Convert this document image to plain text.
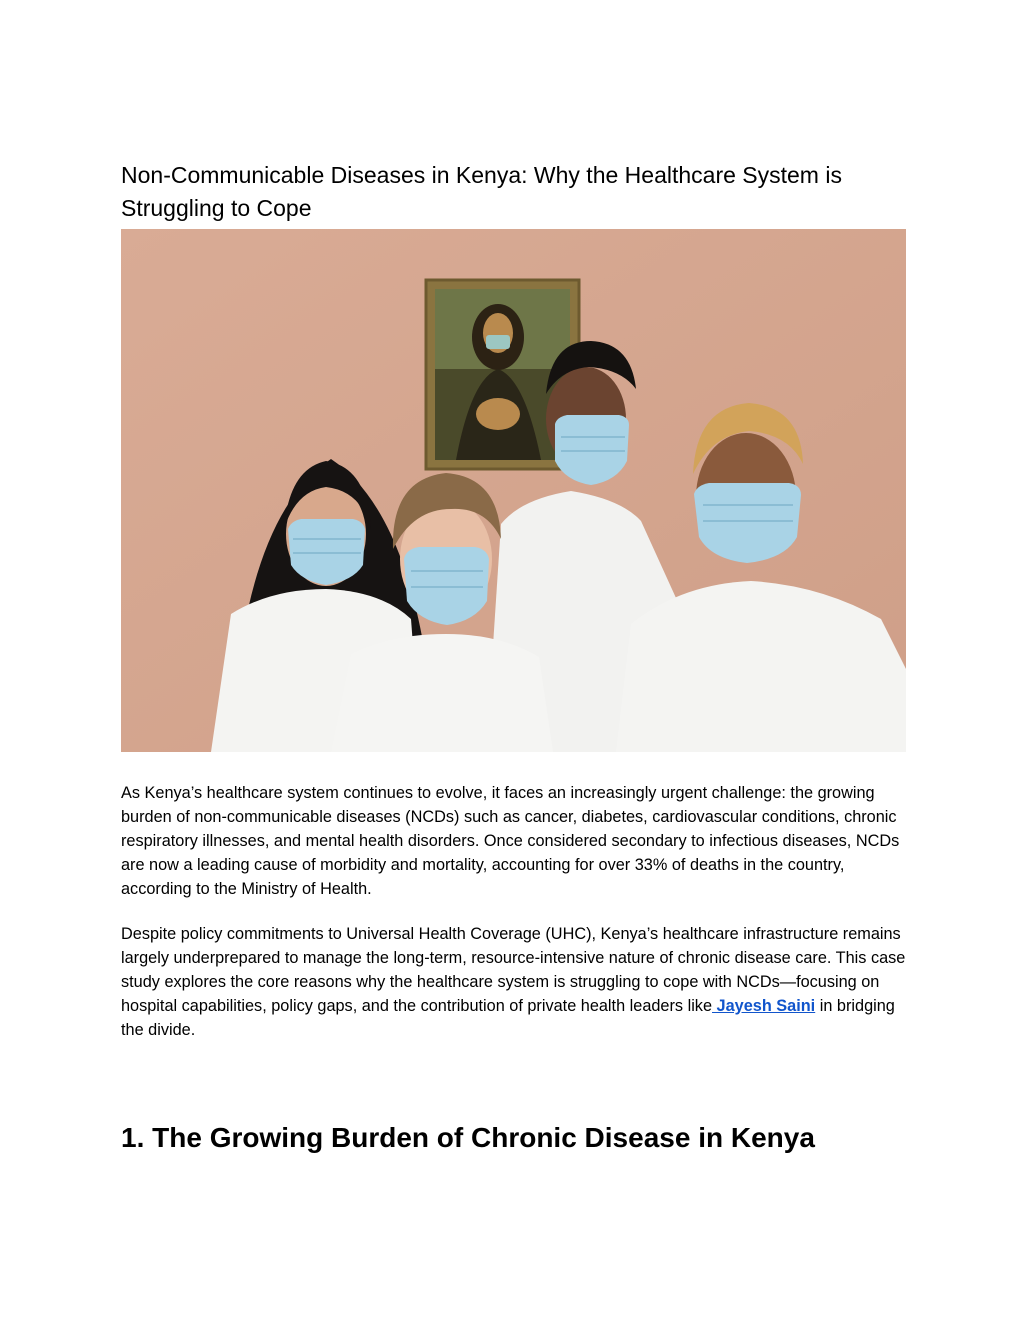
Non-Communicable Diseases in Kenya: Why the Healthcare System is Struggling to Cope

As Kenya’s healthcare system continues to evolve, it faces an increasingly urgent challenge: the growing burden of non-communicable diseases (NCDs) such as cancer, diabetes, cardiovascular conditions, chronic respiratory illnesses, and mental health disorders. Once considered secondary to infectious diseases, NCDs are now a leading cause of morbidity and mortality, accounting for over 33% of deaths in the country, according to the Ministry of Health.

Despite policy commitments to Universal Health Coverage (UHC), Kenya’s healthcare infrastructure remains largely underprepared to manage the long-term, resource-intensive nature of chronic disease care. This case study explores the core reasons why the healthcare system is struggling to cope with NCDs—focusing on hospital capabilities, policy gaps, and the contribution of private health leaders like Jayesh Saini in bridging the divide.

1. The Growing Burden of Chronic Disease in Kenya
